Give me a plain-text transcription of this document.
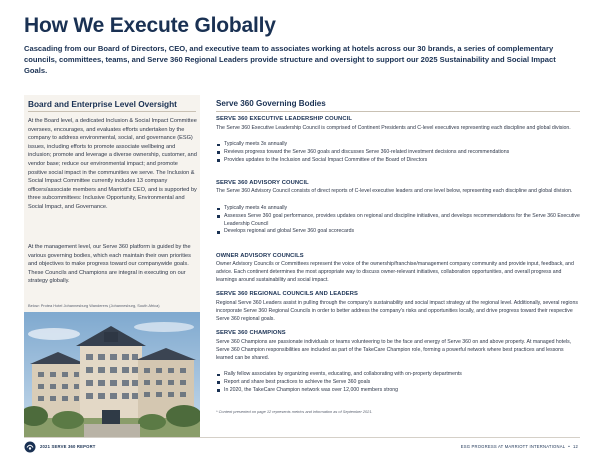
How We Execute Globally
Cascading from our Board of Directors, CEO, and executive team to associates working at hotels across our 30 brands, a series of complementary councils, committees, teams, and Serve 360 Regional Leaders provide structure and oversight to support our 2025 Sustainability and Social Impact Goals.
Board and Enterprise Level Oversight

At the Board level, a dedicated Inclusion & Social Impact Committee oversees, encourages, and evaluates efforts undertaken by the company to address environmental, social, and governance (ESG) issues, including efforts to promote associate wellbeing and inclusion; promote and leverage a diverse ownership, customer, and vendor base; reduce our environmental impact; and promote positive social impact in the communities we serve. The Inclusion & Social Impact Committee currently includes 13 company officers/associate members and Marriott's CEO, and is supported by three subcommittees: Inclusive Opportunity, Environmental and Social Impact, and Governance.

At the management level, our Serve 360 platform is guided by the various governing bodies, which each maintain their own priorities and objectives to make progress toward our companywide goals. These Councils and Champions are integral in executing on our strategy globally.

Below: Protea Hotel Johannesburg Wanderers (Johannesburg, South Africa)
Serve 360 Governing Bodies
SERVE 360 EXECUTIVE LEADERSHIP COUNCIL

The Serve 360 Executive Leadership Council is comprised of Continent Presidents and C-level executives representing each discipline and global division.

Typically meets 3x annually
Reviews progress toward the Serve 360 goals and discusses Serve 360-related investment decisions and recommendations
Provides updates to the Inclusion and Social Impact Committee of the Board of Directors
SERVE 360 ADVISORY COUNCIL

The Serve 360 Advisory Council consists of direct reports of C-level executive leaders and one level below, representing each discipline and global division.

Typically meets 4x annually
Assesses Serve 360 goal performance, provides updates on regional and discipline initiatives, and develops recommendations for the Serve 360 Executive Leadership Council
Develops regional and global Serve 360 goal scorecards
OWNER ADVISORY COUNCILS

Owner Advisory Councils or Committees represent the voice of the ownership/franchise/management company community and provide input, feedback, and advice. Each continent determines the most appropriate way to discuss owner-relevant initiatives, collaboration opportunities, and overall progress and learnings around sustainability and social impact.

SERVE 360 REGIONAL COUNCILS AND LEADERS

Regional Serve 360 Leaders assist in pulling through the company's sustainability and social impact strategy at the regional level. Additionally, several regions incorporate Serve 360 Regional Councils in order to better address the company's risks and opportunities locally, and drive progress toward their respective Serve 360 regional goals.

SERVE 360 CHAMPIONS

Serve 360 Champions are passionate individuals or teams volunteering to be the face and energy of Serve 360 on and above property. At managed hotels, Serve 360 Champion responsibilities are included as part of the TakeCare Champion role, forming a powerful network where best practices and lessons learned can be shared.

Rally fellow associates by organizing events, educating, and collaborating with on-property departments
Report and share best practices to achieve the Serve 360 goals
In 2020, the TakeCare Champion network was over 12,000 members strong
* Content presented on page 12 represents metrics and information as of September 2021.
2021 SERVE 360 REPORT	ESG PROGRESS AT MARRIOTT INTERNATIONAL • 12
